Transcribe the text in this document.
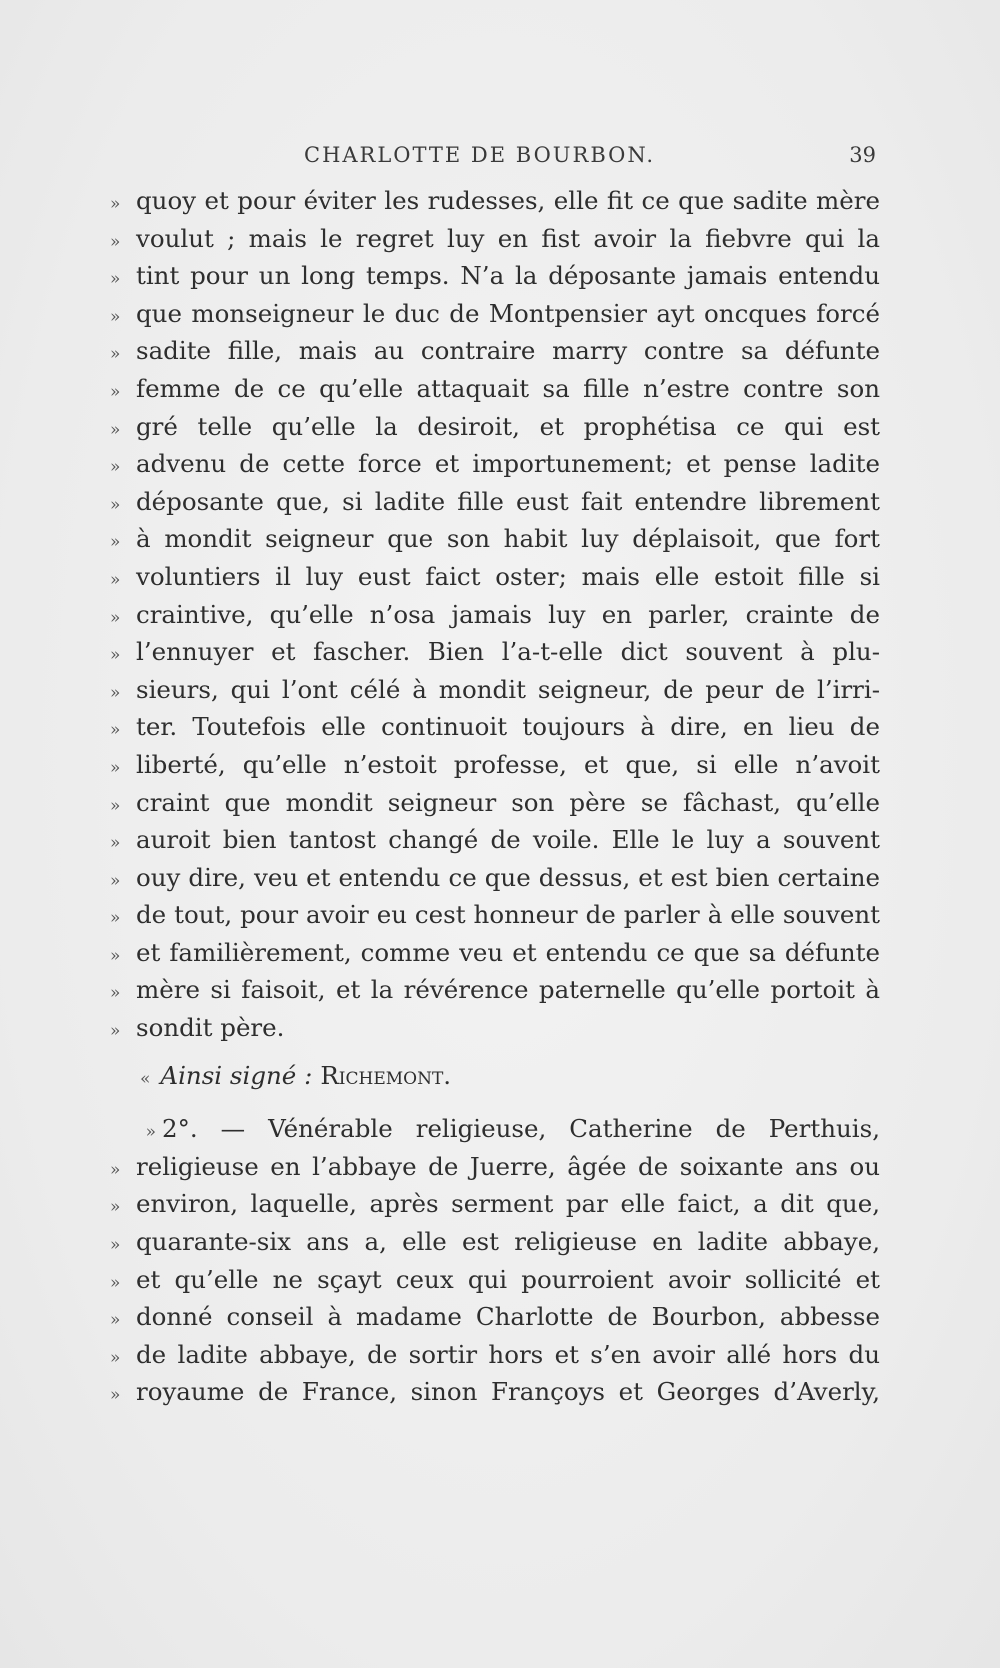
CHARLOTTE DE BOURBON.	39
» quoy et pour éviter les rudesses, elle fit ce que sadite mère
» voulut ; mais le regret luy en fist avoir la fiebvre qui la
» tint pour un long temps. N’a la déposante jamais entendu
» que monseigneur le duc de Montpensier ayt oncques forcé
» sadite fille, mais au contraire marry contre sa défunte
» femme de ce qu’elle attaquait sa fille n’estre contre son
» gré telle qu’elle la desiroit, et prophétisa ce qui est
» advenu de cette force et importunement; et pense ladite
» déposante que, si ladite fille eust fait entendre librement
» à mondit seigneur que son habit luy déplaisoit, que fort
» voluntiers il luy eust faict oster; mais elle estoit fille si
» craintive, qu’elle n’osa jamais luy en parler, crainte de
» l’ennuyer et fascher. Bien l’a-t-elle dict souvent à plu-
» sieurs, qui l’ont célé à mondit seigneur, de peur de l’irri-
» ter. Toutefois elle continuoit toujours à dire, en lieu de
» liberté, qu’elle n’estoit professe, et que, si elle n’avoit
» craint que mondit seigneur son père se fâchast, qu’elle
» auroit bien tantost changé de voile. Elle le luy a souvent
» ouy dire, veu et entendu ce que dessus, et est bien certaine
» de tout, pour avoir eu cest honneur de parler à elle souvent
» et familièrement, comme veu et entendu ce que sa défunte
» mère si faisoit, et la révérence paternelle qu’elle portoit à
» sondit père.
« Ainsi signé : Richemont.
» 2°. — Vénérable religieuse, Catherine de Perthuis,
» religieuse en l’abbaye de Juerre, âgée de soixante ans ou
» environ, laquelle, après serment par elle faict, a dit que,
» quarante-six ans a, elle est religieuse en ladite abbaye,
» et qu’elle ne sçayt ceux qui pourroient avoir sollicité et
» donné conseil à madame Charlotte de Bourbon, abbesse
» de ladite abbaye, de sortir hors et s’en avoir allé hors du
» royaume de France, sinon Françoys et Georges d’Averly,
